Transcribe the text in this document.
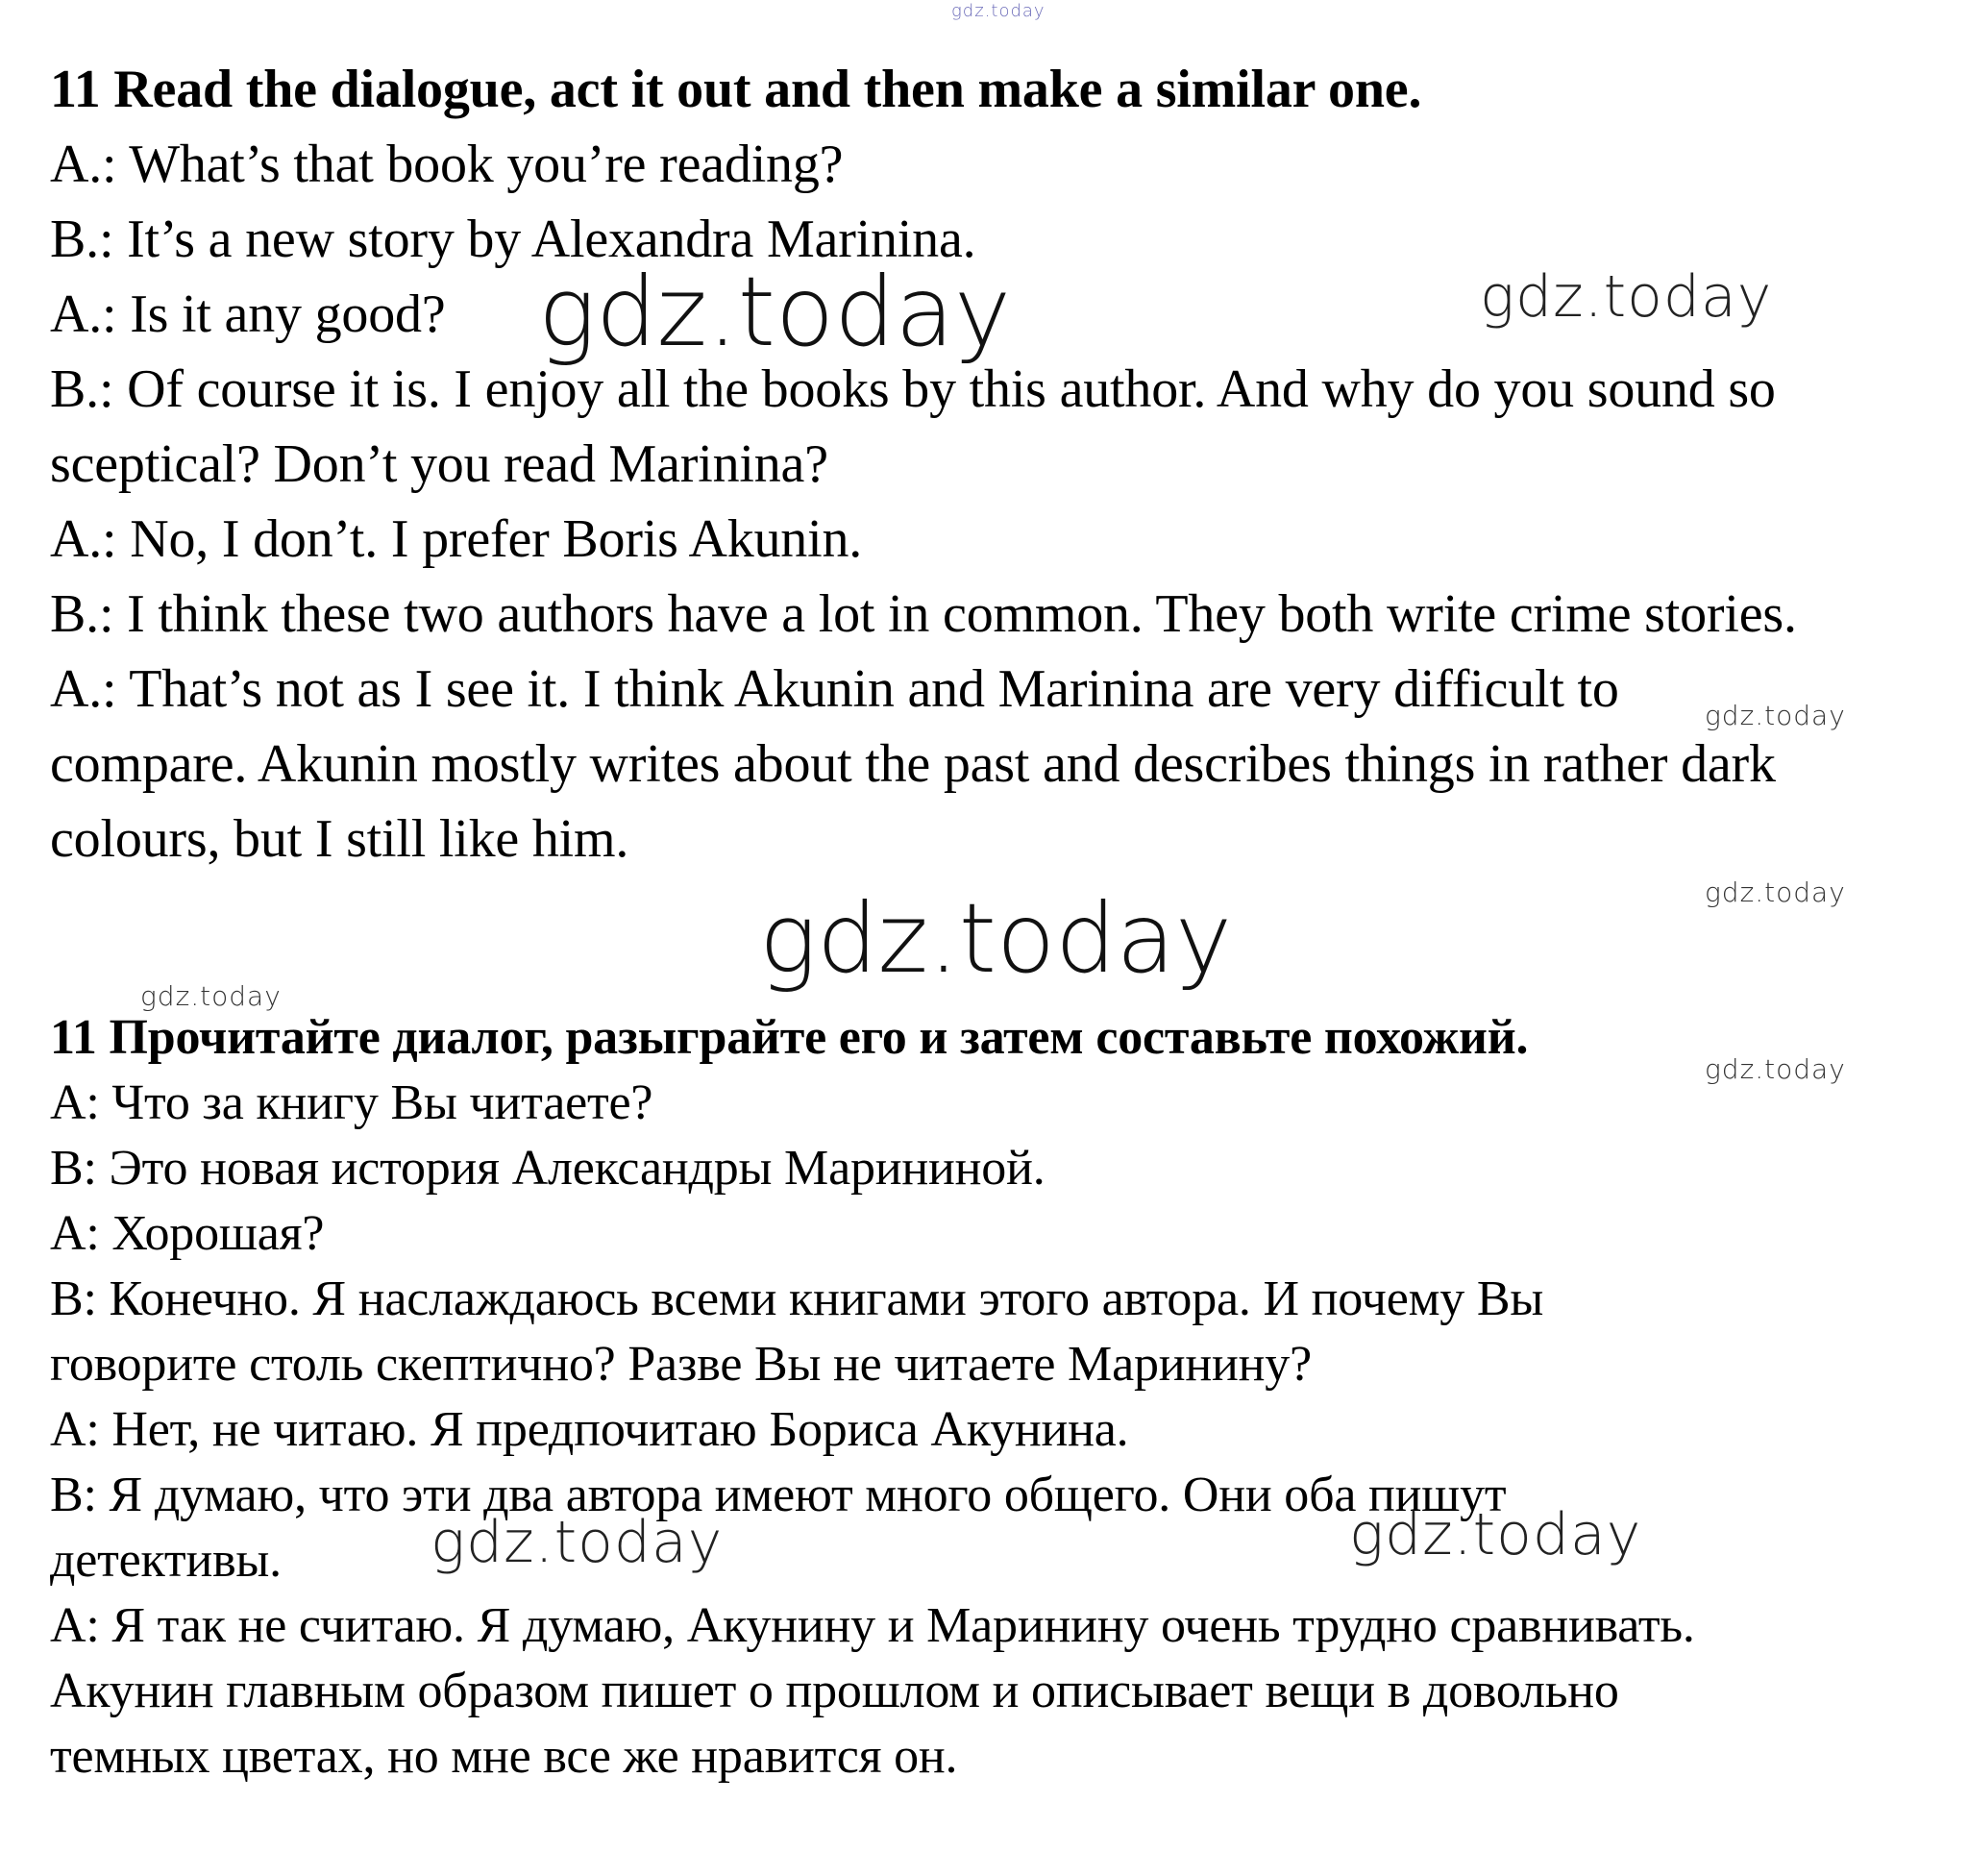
11 Read the dialogue, act it out and then make a similar one.
A.: What’s that book you’re reading?
B.: It’s a new story by Alexandra Marinina.
A.: Is it any good?
B.: Of course it is. I enjoy all the books by this author. And why do you sound so
sceptical? Don’t you read Marinina?
A.: No, I don’t. I prefer Boris Akunin.
B.: I think these two authors have a lot in common. They both write crime stories.
A.: That’s not as I see it. I think Akunin and Marinina are very difficult to
compare. Akunin mostly writes about the past and describes things in rather dark
colours, but I still like him.
11 Прочитайте диалог, разыграйте его и затем составьте похожий.
А: Что за книгу Вы читаете?
В: Это новая история Александры Марининой.
А: Хорошая?
В: Конечно. Я наслаждаюсь всеми книгами этого автора. И почему Вы
говорите столь скептично? Разве Вы не читаете Маринину?
А: Нет, не читаю. Я предпочитаю Бориса Акунина.
В: Я думаю, что эти два автора имеют много общего. Они оба пишут
детективы.
А: Я так не считаю. Я думаю, Акунину и Маринину очень трудно сравнивать.
Акунин главным образом пишет о прошлом и описывает вещи в довольно
темных цветах, но мне все же нравится он.
gdz.today
gdz.today	gdz.today
gdz.today
gdz.today
gdz.today
gdz.today
gdz.today
gdz.today	gdz.today
